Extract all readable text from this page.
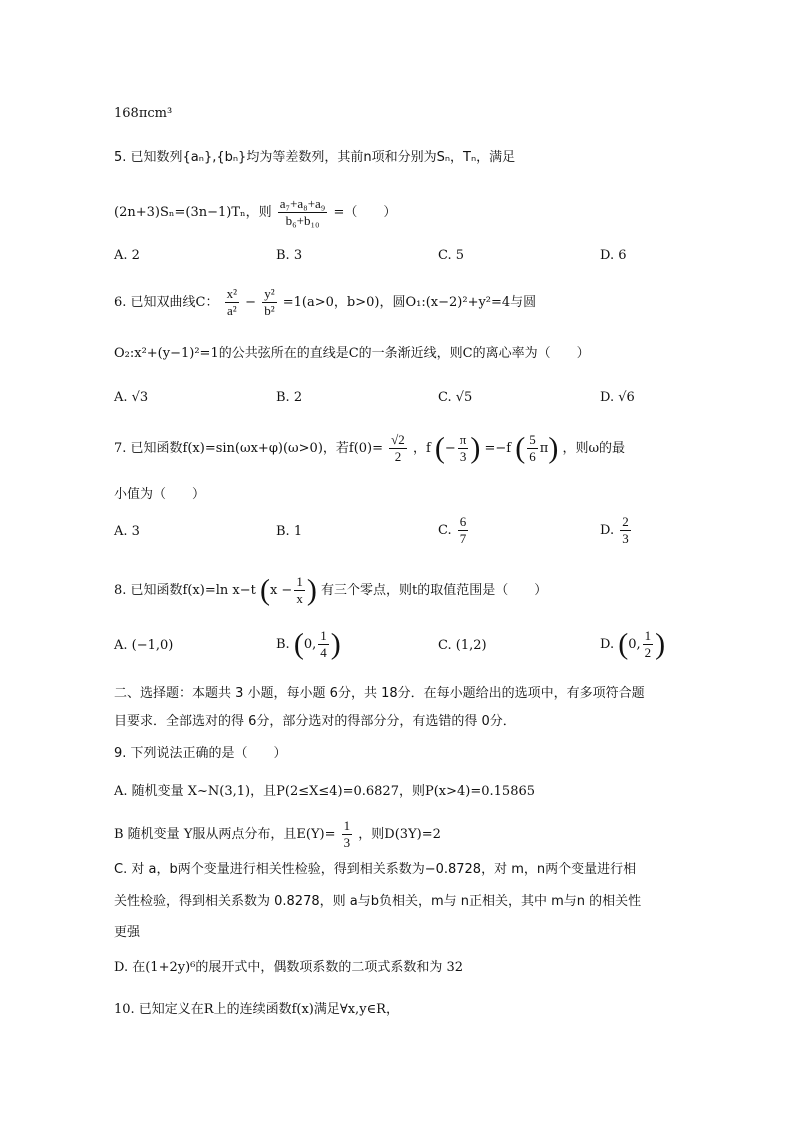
168πcm³
5. 已知数列{aₙ},{bₙ}均为等差数列，其前n项和分别为Sₙ，Tₙ，满足
(2n+3)Sₙ=(3n−1)Tₙ，则 $\frac{\text{a₇+a₈+a₉}}{\text{b₆+b₁₀}}$ =（　　）
A. 2	B. 3	C. 5	D. 6
6. 已知双曲线C： $\frac{\text{x²}}{\text{a²}} - \frac{\text{y²}}{\text{b²}} =1(a>0$，b>0)，圆O₁:(x−2)²+y²=4与圆
O₂:x²+(y−1)²=1的公共弦所在的直线是C的一条渐近线，则C的离心率为（　　）
A. √3	B. 2	C. √5	D. √6
7. 已知函数f(x)=sin(ωx+φ)(ω>0)，若$f(0)= \frac{√2}{2}$ ，f (− $\frac{\pi}{3}$ ) =−f ( $\frac{5}{6} \pi$) ，则ω的最
小值为（　　）
A. 3	B. 1	C. $\frac{6}{7}$	D. $\frac{2}{3}$
8. 已知函数f(x)=ln x−t ($x - \frac{1}{x}$ ) 有三个零点，则t的取值范围是（　　）
A. (−1,0)	B. (0, $\frac{1}{4}$ )	C. (1,2)	D. (0, $\frac{1}{2}$ )
二、选择题：本题共 3 小题，每小题 6分，共 18分．在每小题给出的选项中，有多项符合题
目要求．全部选对的得 6分，部分选对的得部分分，有选错的得 0分．
9. 下列说法正确的是（　　）
A. 随机变量 X~N(3,1)，且P(2≤X≤4)=0.6827，则P(x>4)=0.15865
B 随机变量 Y服从两点分布，且$E(Y)= \frac{1}{3}$ ，则D(3Y)=2
C. 对 a，b两个变量进行相关性检验，得到相关系数为−0.8728，对 m，n两个变量进行相
关性检验，得到相关系数为 0.8278，则 a与b负相关，m与 n正相关，其中 m与n 的相关性
更强
D. 在(1+2y)⁶的展开式中，偶数项系数的二项式系数和为 32
10. 已知定义在R上的连续函数f(x)满足∀x,y∈R，
